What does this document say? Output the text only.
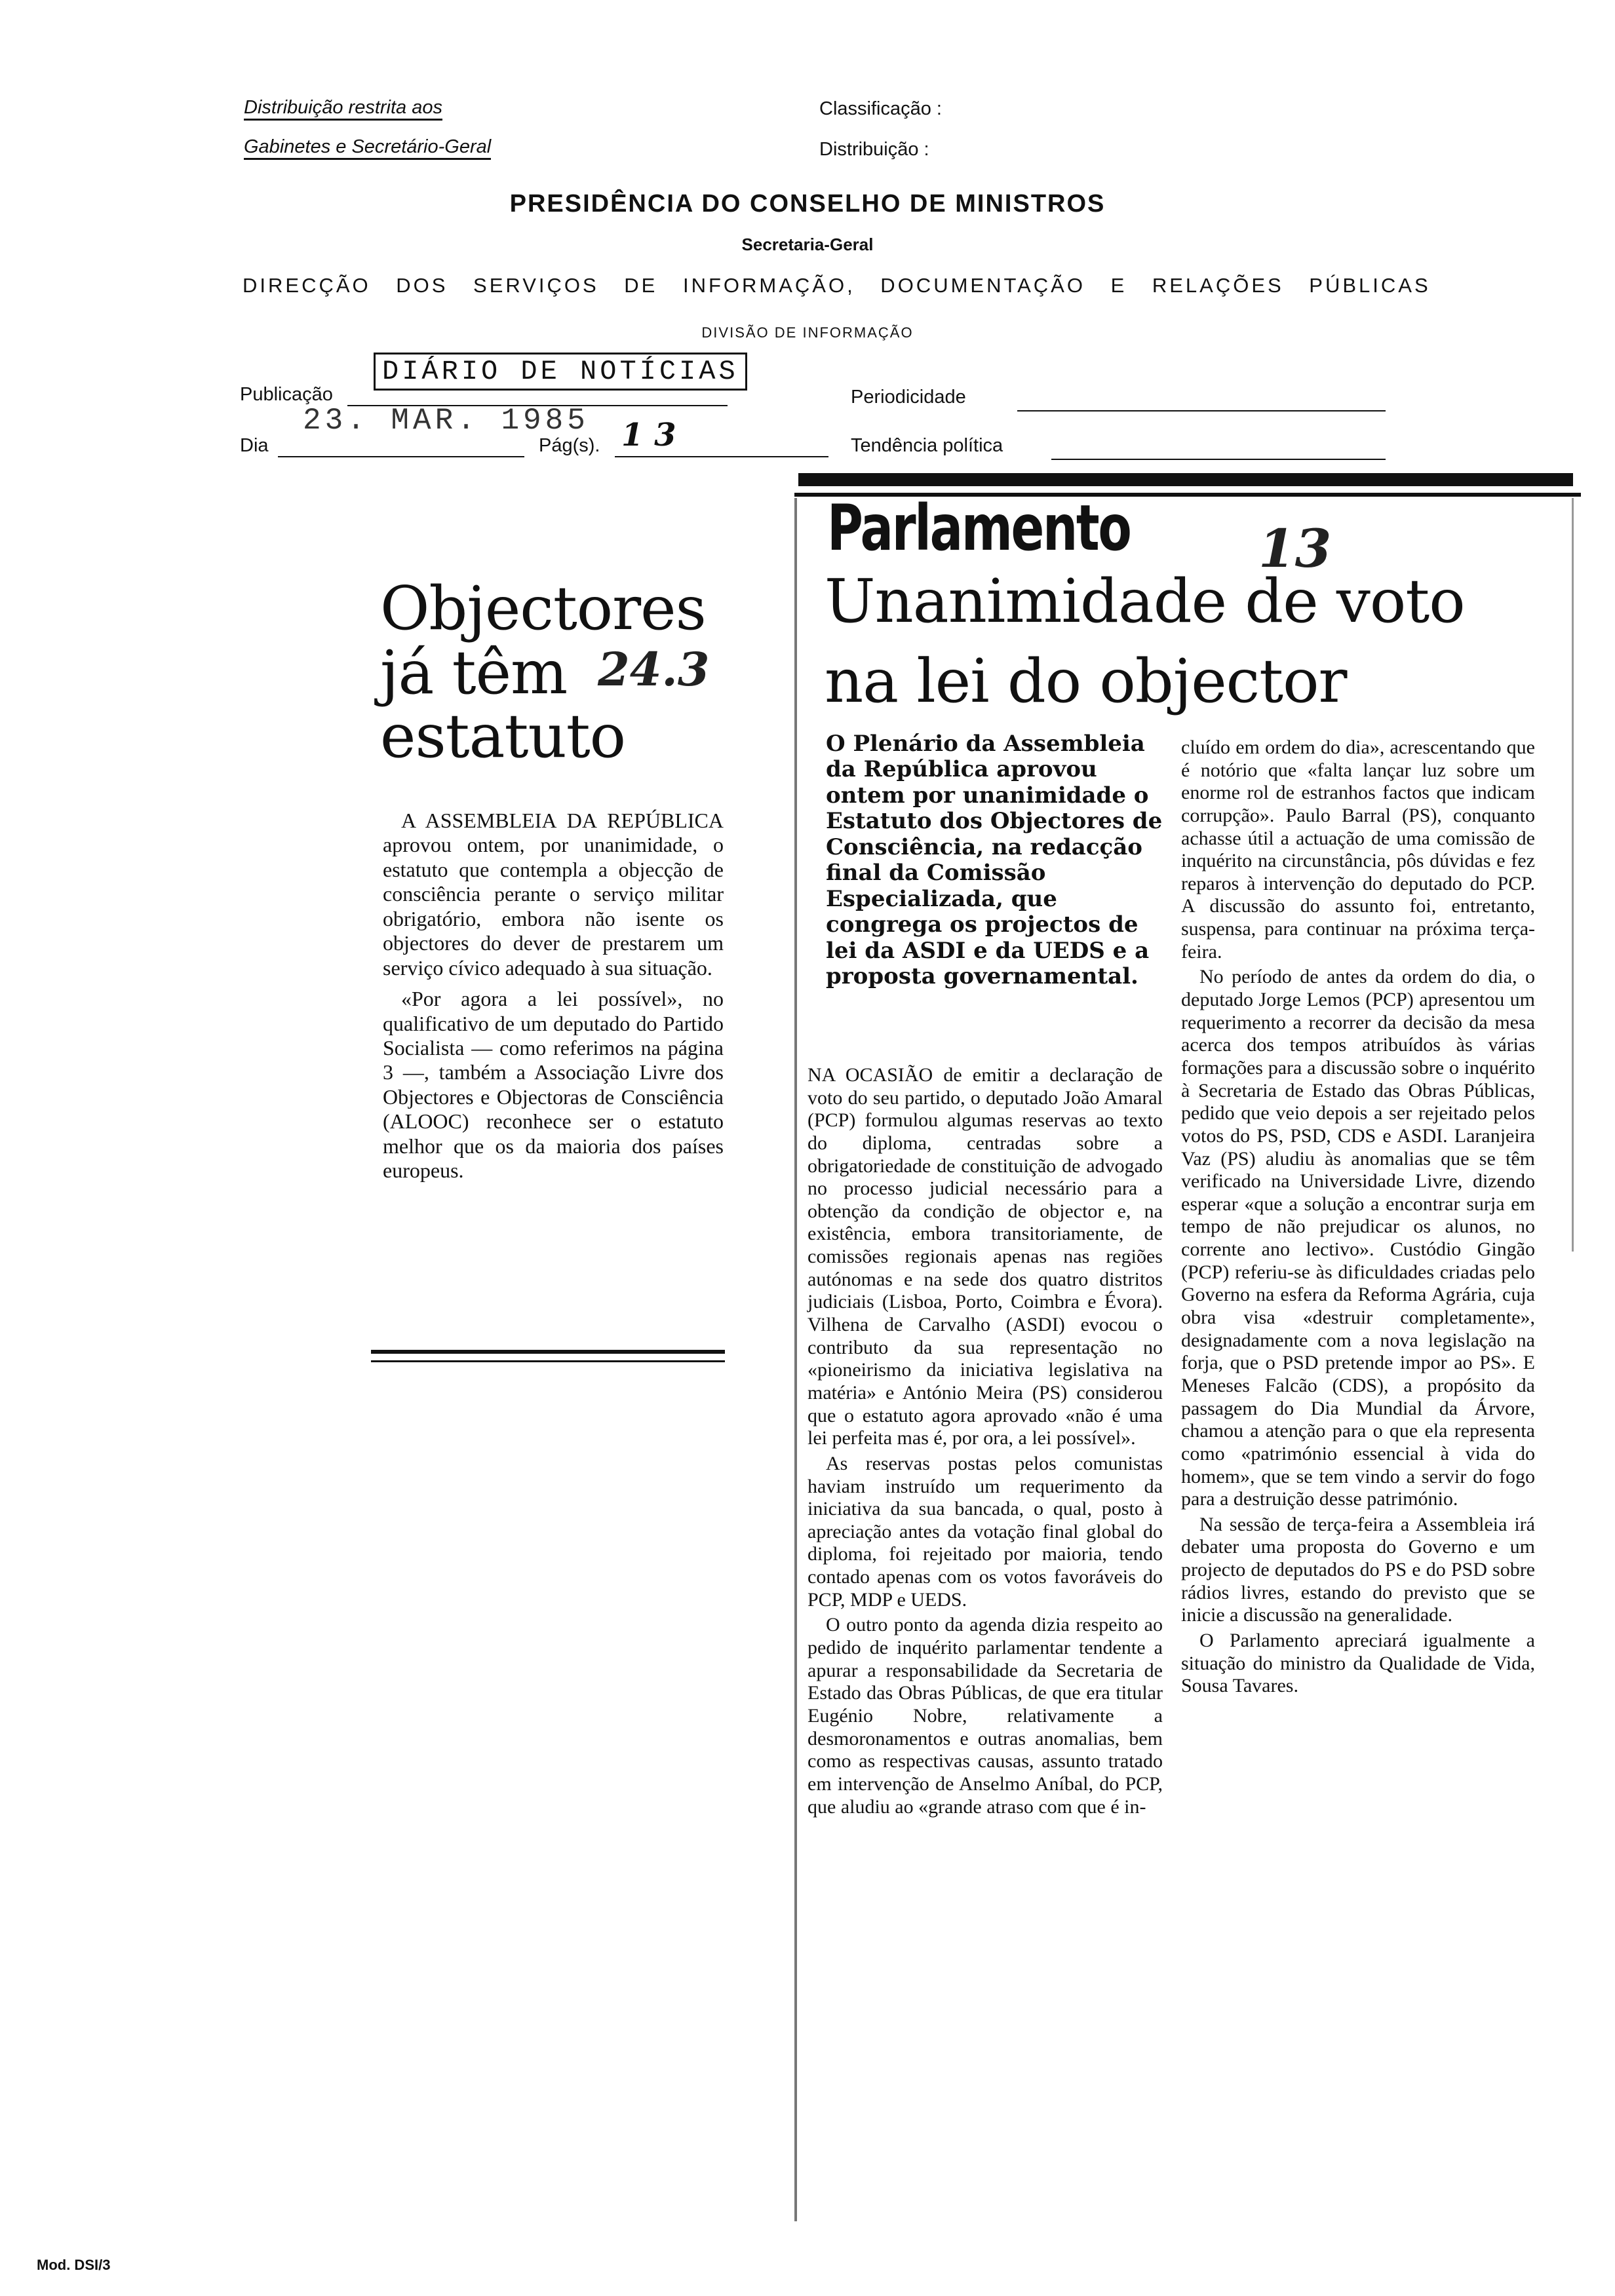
Distribuição restrita aos
Gabinetes e Secretário-Geral
Classificação :
Distribuição :
PRESIDÊNCIA DO CONSELHO DE MINISTROS
Secretaria-Geral
DIRECÇÃO DOS SERVIÇOS DE INFORMAÇÃO, DOCUMENTAÇÃO E RELAÇÕES PÚBLICAS
DIVISÃO DE INFORMAÇÃO
Publicação
DIÁRIO DE NOTÍCIAS
Periodicidade
Dia
23. MAR. 1985
Pág(s). 1 3	Tendência política
Objectores
já têm
estatuto
24.3

A ASSEMBLEIA DA REPÚBLICA aprovou ontem, por unanimidade, o estatuto que contempla a objecção de consciência perante o serviço militar obrigatório, embora não isente os objectores do dever de prestarem um serviço cívico adequado à sua situação.

«Por agora a lei possível», no qualificativo de um deputado do Partido Socialista — como referimos na página 3 —, também a Associação Livre dos Objectores e Objectoras de Consciência (ALOOC) reconhece ser o estatuto melhor que os da maioria dos países europeus.

Parlamento 13
Unanimidade de voto
na lei do objector
O Plenário da Assembleia da República aprovou ontem por unanimidade o Estatuto dos Objectores de Consciência, na redacção final da Comissão Especializada, que congrega os projectos de lei da ASDI e da UEDS e a proposta governamental.

NA OCASIÃO de emitir a declaração de voto do seu partido, o deputado João Amaral (PCP) formulou algumas reservas ao texto do diploma, centradas sobre a obrigatoriedade de constituição de advogado no processo judicial necessário para a obtenção da condição de objector e, na existência, embora transitoriamente, de comissões regionais apenas nas regiões autónomas e na sede dos quatro distritos judiciais (Lisboa, Porto, Coimbra e Évora). Vilhena de Carvalho (ASDI) evocou o contributo da sua representação no «pioneirismo da iniciativa legislativa na matéria» e António Meira (PS) considerou que o estatuto agora aprovado «não é uma lei perfeita mas é, por ora, a lei possível».

As reservas postas pelos comunistas haviam instruído um requerimento da iniciativa da sua bancada, o qual, posto à apreciação antes da votação final global do diploma, foi rejeitado por maioria, tendo contado apenas com os votos favoráveis do PCP, MDP e UEDS.

O outro ponto da agenda dizia respeito ao pedido de inquérito parlamentar tendente a apurar a responsabilidade da Secretaria de Estado das Obras Públicas, de que era titular Eugénio Nobre, relativamente a desmoronamentos e outras anomalias, bem como as respectivas causas, assunto tratado em intervenção de Anselmo Aníbal, do PCP, que aludiu ao «grande atraso com que é in-

cluído em ordem do dia», acrescentando que é notório que «falta lançar luz sobre um enorme rol de estranhos factos que indicam corrupção». Paulo Barral (PS), conquanto achasse útil a actuação de uma comissão de inquérito na circunstância, pôs dúvidas e fez reparos à intervenção do deputado do PCP. A discussão do assunto foi, entretanto, suspensa, para continuar na próxima terça-feira.

No período de antes da ordem do dia, o deputado Jorge Lemos (PCP) apresentou um requerimento a recorrer da decisão da mesa acerca dos tempos atribuídos às várias formações para a discussão sobre o inquérito à Secretaria de Estado das Obras Públicas, pedido que veio depois a ser rejeitado pelos votos do PS, PSD, CDS e ASDI. Laranjeira Vaz (PS) aludiu às anomalias que se têm verificado na Universidade Livre, dizendo esperar «que a solução a encontrar surja em tempo de não prejudicar os alunos, no corrente ano lectivo». Custódio Gingão (PCP) referiu-se às dificuldades criadas pelo Governo na esfera da Reforma Agrária, cuja obra visa «destruir completamente», designadamente com a nova legislação na forja, que o PSD pretende impor ao PS». E Meneses Falcão (CDS), a propósito da passagem do Dia Mundial da Árvore, chamou a atenção para o que ela representa como «património essencial à vida do homem», que se tem vindo a servir do fogo para a destruição desse património.

Na sessão de terça-feira a Assembleia irá debater uma proposta do Governo e um projecto de deputados do PS e do PSD sobre rádios livres, estando do previsto que se inicie a discussão na generalidade.

O Parlamento apreciará igualmente a situação do ministro da Qualidade de Vida, Sousa Tavares.

Mod. DSI/3
